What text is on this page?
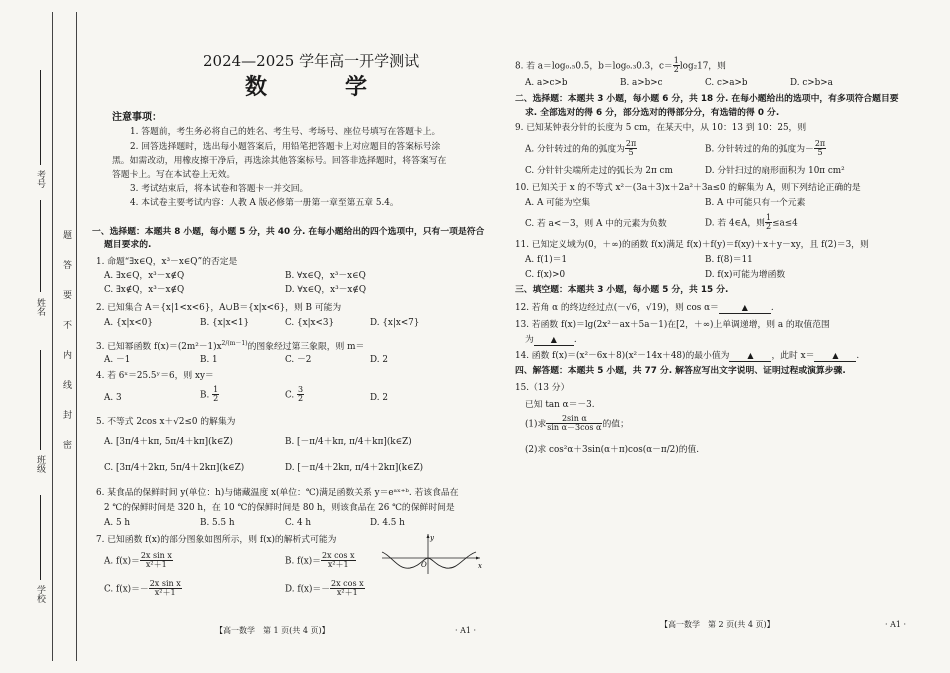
考号
姓名
班级
学校
题
答
要
不
内
线
封
密
2024—2025 学年高一开学测试
数　学
注意事项：
1. 答题前，考生务必将自己的姓名、考生号、考场号、座位号填写在答题卡上。
2. 回答选择题时，选出每小题答案后，用铅笔把答题卡上对应题目的答案标号涂
黑。如需改动，用橡皮擦干净后，再选涂其他答案标号。回答非选择题时，将答案写在
答题卡上。写在本试卷上无效。
3. 考试结束后，将本试卷和答题卡一并交回。
4. 本试卷主要考试内容：人教 A 版必修第一册第一章至第五章 5.4。
一、选择题：本题共 8 小题，每小题 5 分，共 40 分. 在每小题给出的四个选项中，只有一项是符合
题目要求的.
1. 命题“∃x∈Q，x³－x∈Q”的否定是
A. ∃x∈Q，x³－x∉Q	B. ∀x∈Q，x³－x∈Q
C. ∃x∉Q，x³－x∉Q	D. ∀x∈Q，x³－x∉Q
2. 已知集合 A＝{x|1<x<6}，A∪B＝{x|x<6}，则 B 可能为
A. {x|x<0}	B. {x|x<1}	C. {x|x<3}	D. {x|x<7}
3. 已知幂函数 $f(x)=(2m^2-1)x^{2/(m-1)}$的图象经过第三象限，则 m＝
A. －1	B. 1	C. －2	D. 2
4. 若 6ˣ＝25.5ʸ＝6，则 xy＝
A. 3	B. $\frac{1}{2}$	C. $\frac{3}{2}$	D. 2
5. 不等式 2cos x＋√2≤0 的解集为
A. [3π/4＋kπ, 5π/4＋kπ](k∈Z)	B. [－π/4＋kπ, π/4＋kπ](k∈Z)
C. [3π/4＋2kπ, 5π/4＋2kπ](k∈Z)	D. [－π/4＋2kπ, π/4＋2kπ](k∈Z)
6. 某食品的保鲜时间 y(单位：h)与储藏温度 x(单位：℃)满足函数关系 y＝eᵃˣ⁺ᵇ. 若该食品在
2 ℃的保鲜时间是 320 h，在 10 ℃的保鲜时间是 80 h，则该食品在 26 ℃的保鲜时间是
A. 5 h	B. 5.5 h	C. 4 h	D. 4.5 h
7. 已知函数 f(x)的部分图象如图所示，则 f(x)的解析式可能为
A. $f(x)= \frac{\text{2x sin x}}{\text{x²＋1}}$	B. $f(x)= \frac{\text{2x cos x}}{\text{x²＋1}}$
C. $f(x)=- \frac{\text{2x sin x}}{\text{x²＋1}}$	D. $f(x)=- \frac{\text{2x cos x}}{\text{x²＋1}}$
y
x
O
【高一数学　第 1 页(共 4 页)】	· A1 ·
8. 若 a＝log₀.₅0.5，b＝log₀.₃0.3，$c= \frac{1}{2} \log_217$，则
A. a>c>b	B. a>b>c	C. c>a>b	D. c>b>a
二、选择题：本题共 3 小题，每小题 6 分，共 18 分. 在每小题给出的选项中，有多项符合题目要
求. 全部选对的得 6 分，部分选对的得部分分，有选错的得 0 分.
9. 已知某钟表分针的长度为 5 cm，在某天中，从 10：13 到 10：25，则
A. 分针转过的角的弧度为 $\frac{2\pi}{5}$	B. 分针转过的角的弧度为－ $\frac{2\pi}{5}$
C. 分针针尖端所走过的弧长为 2π cm	D. 分针扫过的扇形面积为 10π cm²
10. 已知关于 x 的不等式 x²－(3a＋3)x＋2a²＋3a≤0 的解集为 A，则下列结论正确的是
A. A 可能为空集	B. A 中可能只有一个元素
C. 若 a<－3，则 A 中的元素为负数	D. 若 4∈A，则 $\frac{1}{2} \le a\le 4$
11. 已知定义域为(0，＋∞)的函数 f(x)满足 f(x)＋f(y)＝f(xy)＋x＋y－xy，且 f(2)＝3，则
A. f(1)＝1	B. f(8)＝11
C. f(x)>0	D. f(x)可能为增函数
三、填空题：本题共 3 小题，每小题 5 分，共 15 分.
12. 若角 α 的终边经过点(－√6，√19)，则 cos α＝	▲	.
13. 若函数 f(x)＝lg(2x²－ax＋5a－1)在[2，＋∞)上单调递增，则 a 的取值范围
为 ▲ .
14. 函数 f(x)＝(x²－6x＋8)(x²－14x＋48)的最小值为 ▲ ，此时 x＝ ▲ .
四、解答题：本题共 5 小题，共 77 分. 解答应写出文字说明、证明过程或演算步骤.
15.（13 分）
已知 tan α＝－3.
(1)求 $\frac{\text{2sin α}}{\text{sin α－3cos α}}$ 的值；
(2)求 cos²α＋3sin(α＋π)cos(α－π/2)的值.
【高一数学　第 2 页(共 4 页)】	· A1 ·
